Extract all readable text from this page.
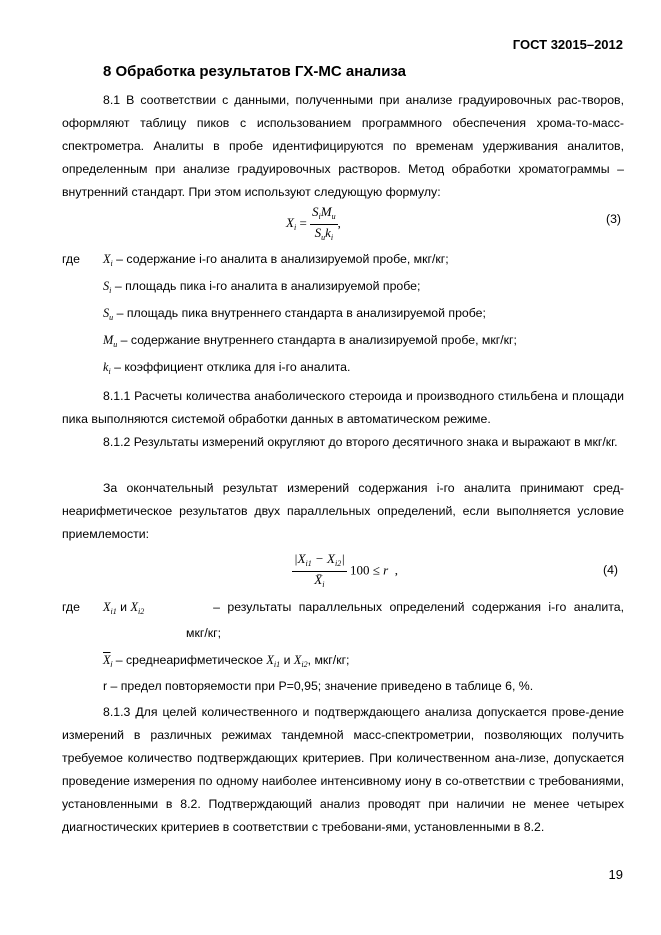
ГОСТ 32015–2012
8 Обработка результатов ГХ-МС анализа
8.1 В соответствии с данными, полученными при анализе градуировочных рас-творов, оформляют таблицу пиков с использованием программного обеспечения хрома-то-масс-спектрометра. Аналиты в пробе идентифицируются по временам удерживания аналитов, определенным при анализе градуировочных растворов. Метод обработки хроматограммы – внутренний стандарт. При этом используют следующую формулу:
$X_i = \frac{S_iM_u}{S_uk_i}$ ,	(3)
где $X_i$ – содержание i-го аналита в анализируемой пробе, мкг/кг;
$S_i$ – площадь пика i-го аналита в анализируемой пробе;
$S_u$ – площадь пика внутреннего стандарта в анализируемой пробе;
$M_u$ – содержание внутреннего стандарта в анализируемой пробе, мкг/кг;
$k_i$ – коэффициент отклика для i-го аналита.
8.1.1 Расчеты количества анаболического стероида и производного стильбена и площади пика выполняются системой обработки данных в автоматическом режиме.
8.1.2 Результаты измерений округляют до второго десятичного знака и выражают в мкг/кг.
За окончательный результат измерений содержания i-го аналита принимают сред-неарифметическое результатов двух параллельных определений, если выполняется условие приемлемости:
$\frac{|X_{i1} - X_{i2}|}{X̄_i} 100 \le r$  ,	(4)
где $X_{i1}$ и $X_{i2}$	– результаты параллельных определений содержания i-го аналита,
мкг/кг;
$\overline{X}_i$ – среднеарифметическое $X_{i1}$ и $X_{i2}$, мкг/кг;
r – предел повторяемости при P=0,95; значение приведено в таблице 6, %.
8.1.3 Для целей количественного и подтверждающего анализа допускается прове-дение измерений в различных режимах тандемной масс-спектрометрии, позволяющих получить требуемое количество подтверждающих критериев. При количественном ана-лизе, допускается проведение измерения по одному наиболее интенсивному иону в со-ответствии с требованиями, установленными в 8.2. Подтверждающий анализ проводят при наличии не менее четырех диагностических критериев в соответствии с требовани-ями, установленными в 8.2.
19
